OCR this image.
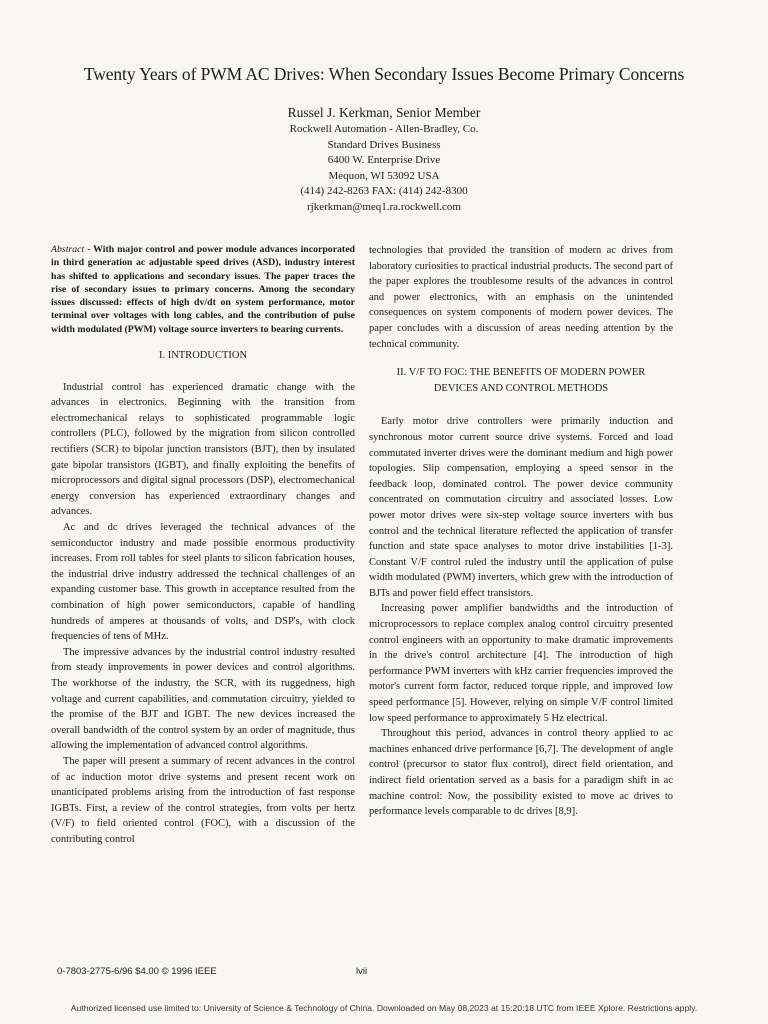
Twenty Years of PWM AC Drives: When Secondary Issues Become Primary Concerns
Russel J. Kerkman, Senior Member
Rockwell Automation - Allen-Bradley, Co.
Standard Drives Business
6400 W. Enterprise Drive
Mequon, WI 53092 USA
(414) 242-8263 FAX: (414) 242-8300
rjkerkman@meq1.ra.rockwell.com

Abstract - With major control and power module advances incorporated in third generation ac adjustable speed drives (ASD), industry interest has shifted to applications and secondary issues. The paper traces the rise of secondary issues to primary concerns. Among the secondary issues discussed: effects of high dv/dt on system performance, motor terminal over voltages with long cables, and the contribution of pulse width modulated (PWM) voltage source inverters to bearing currents.

I. INTRODUCTION

Industrial control has experienced dramatic change with the advances in electronics. Beginning with the transition from electromechanical relays to sophisticated programmable logic controllers (PLC), followed by the migration from silicon controlled rectifiers (SCR) to bipolar junction transistors (BJT), then by insulated gate bipolar transistors (IGBT), and finally exploiting the benefits of microprocessors and digital signal processors (DSP), electromechanical energy conversion has experienced extraordinary changes and advances.

Ac and dc drives leveraged the technical advances of the semiconductor industry and made possible enormous productivity increases. From roll tables for steel plants to silicon fabrication houses, the industrial drive industry addressed the technical challenges of an expanding customer base. This growth in acceptance resulted from the combination of high power semiconductors, capable of handling hundreds of amperes at thousands of volts, and DSP's, with clock frequencies of tens of MHz.

The impressive advances by the industrial control industry resulted from steady improvements in power devices and control algorithms. The workhorse of the industry, the SCR, with its ruggedness, high voltage and current capabilities, and commutation circuitry, yielded to the promise of the BJT and IGBT. The new devices increased the overall bandwidth of the control system by an order of magnitude, thus allowing the implementation of advanced control algorithms.

The paper will present a summary of recent advances in the control of ac induction motor drive systems and present recent work on unanticipated problems arising from the introduction of fast response IGBTs. First, a review of the control strategies, from volts per hertz (V/F) to field oriented control (FOC), with a discussion of the contributing control

technologies that provided the transition of modern ac drives from laboratory curiosities to practical industrial products. The second part of the paper explores the troublesome results of the advances in control and power electronics, with an emphasis on the unintended consequences on system components of modern power devices. The paper concludes with a discussion of areas needing attention by the technical community.

II. V/F TO FOC: THE BENEFITS OF MODERN POWER
DEVICES AND CONTROL METHODS

Early motor drive controllers were primarily induction and synchronous motor current source drive systems. Forced and load commutated inverter drives were the dominant medium and high power topologies. Slip compensation, employing a speed sensor in the feedback loop, dominated control. The power device community concentrated on commutation circuitry and associated losses. Low power motor drives were six-step voltage source inverters with bus control and the technical literature reflected the application of transfer function and state space analyses to motor drive instabilities [1-3]. Constant V/F control ruled the industry until the application of pulse width modulated (PWM) inverters, which grew with the introduction of BJTs and power field effect transistors.

Increasing power amplifier bandwidths and the introduction of microprocessors to replace complex analog control circuitry presented control engineers with an opportunity to make dramatic improvements in the drive's control architecture [4]. The introduction of high performance PWM inverters with kHz carrier frequencies improved the motor's current form factor, reduced torque ripple, and improved low speed performance [5]. However, relying on simple V/F control limited low speed performance to approximately 5 Hz electrical.

Throughout this period, advances in control theory applied to ac machines enhanced drive performance [6,7]. The development of angle control (precursor to stator flux control), direct field orientation, and indirect field orientation served as a basis for a paradigm shift in ac machine control: Now, the possibility existed to move ac drives to performance levels comparable to dc drives [8,9].

0-7803-2775-6/96 $4.00 © 1996 IEEE	lvii
Authorized licensed use limited to: University of Science & Technology of China. Downloaded on May 08,2023 at 15:20:18 UTC from IEEE Xplore. Restrictions apply.
